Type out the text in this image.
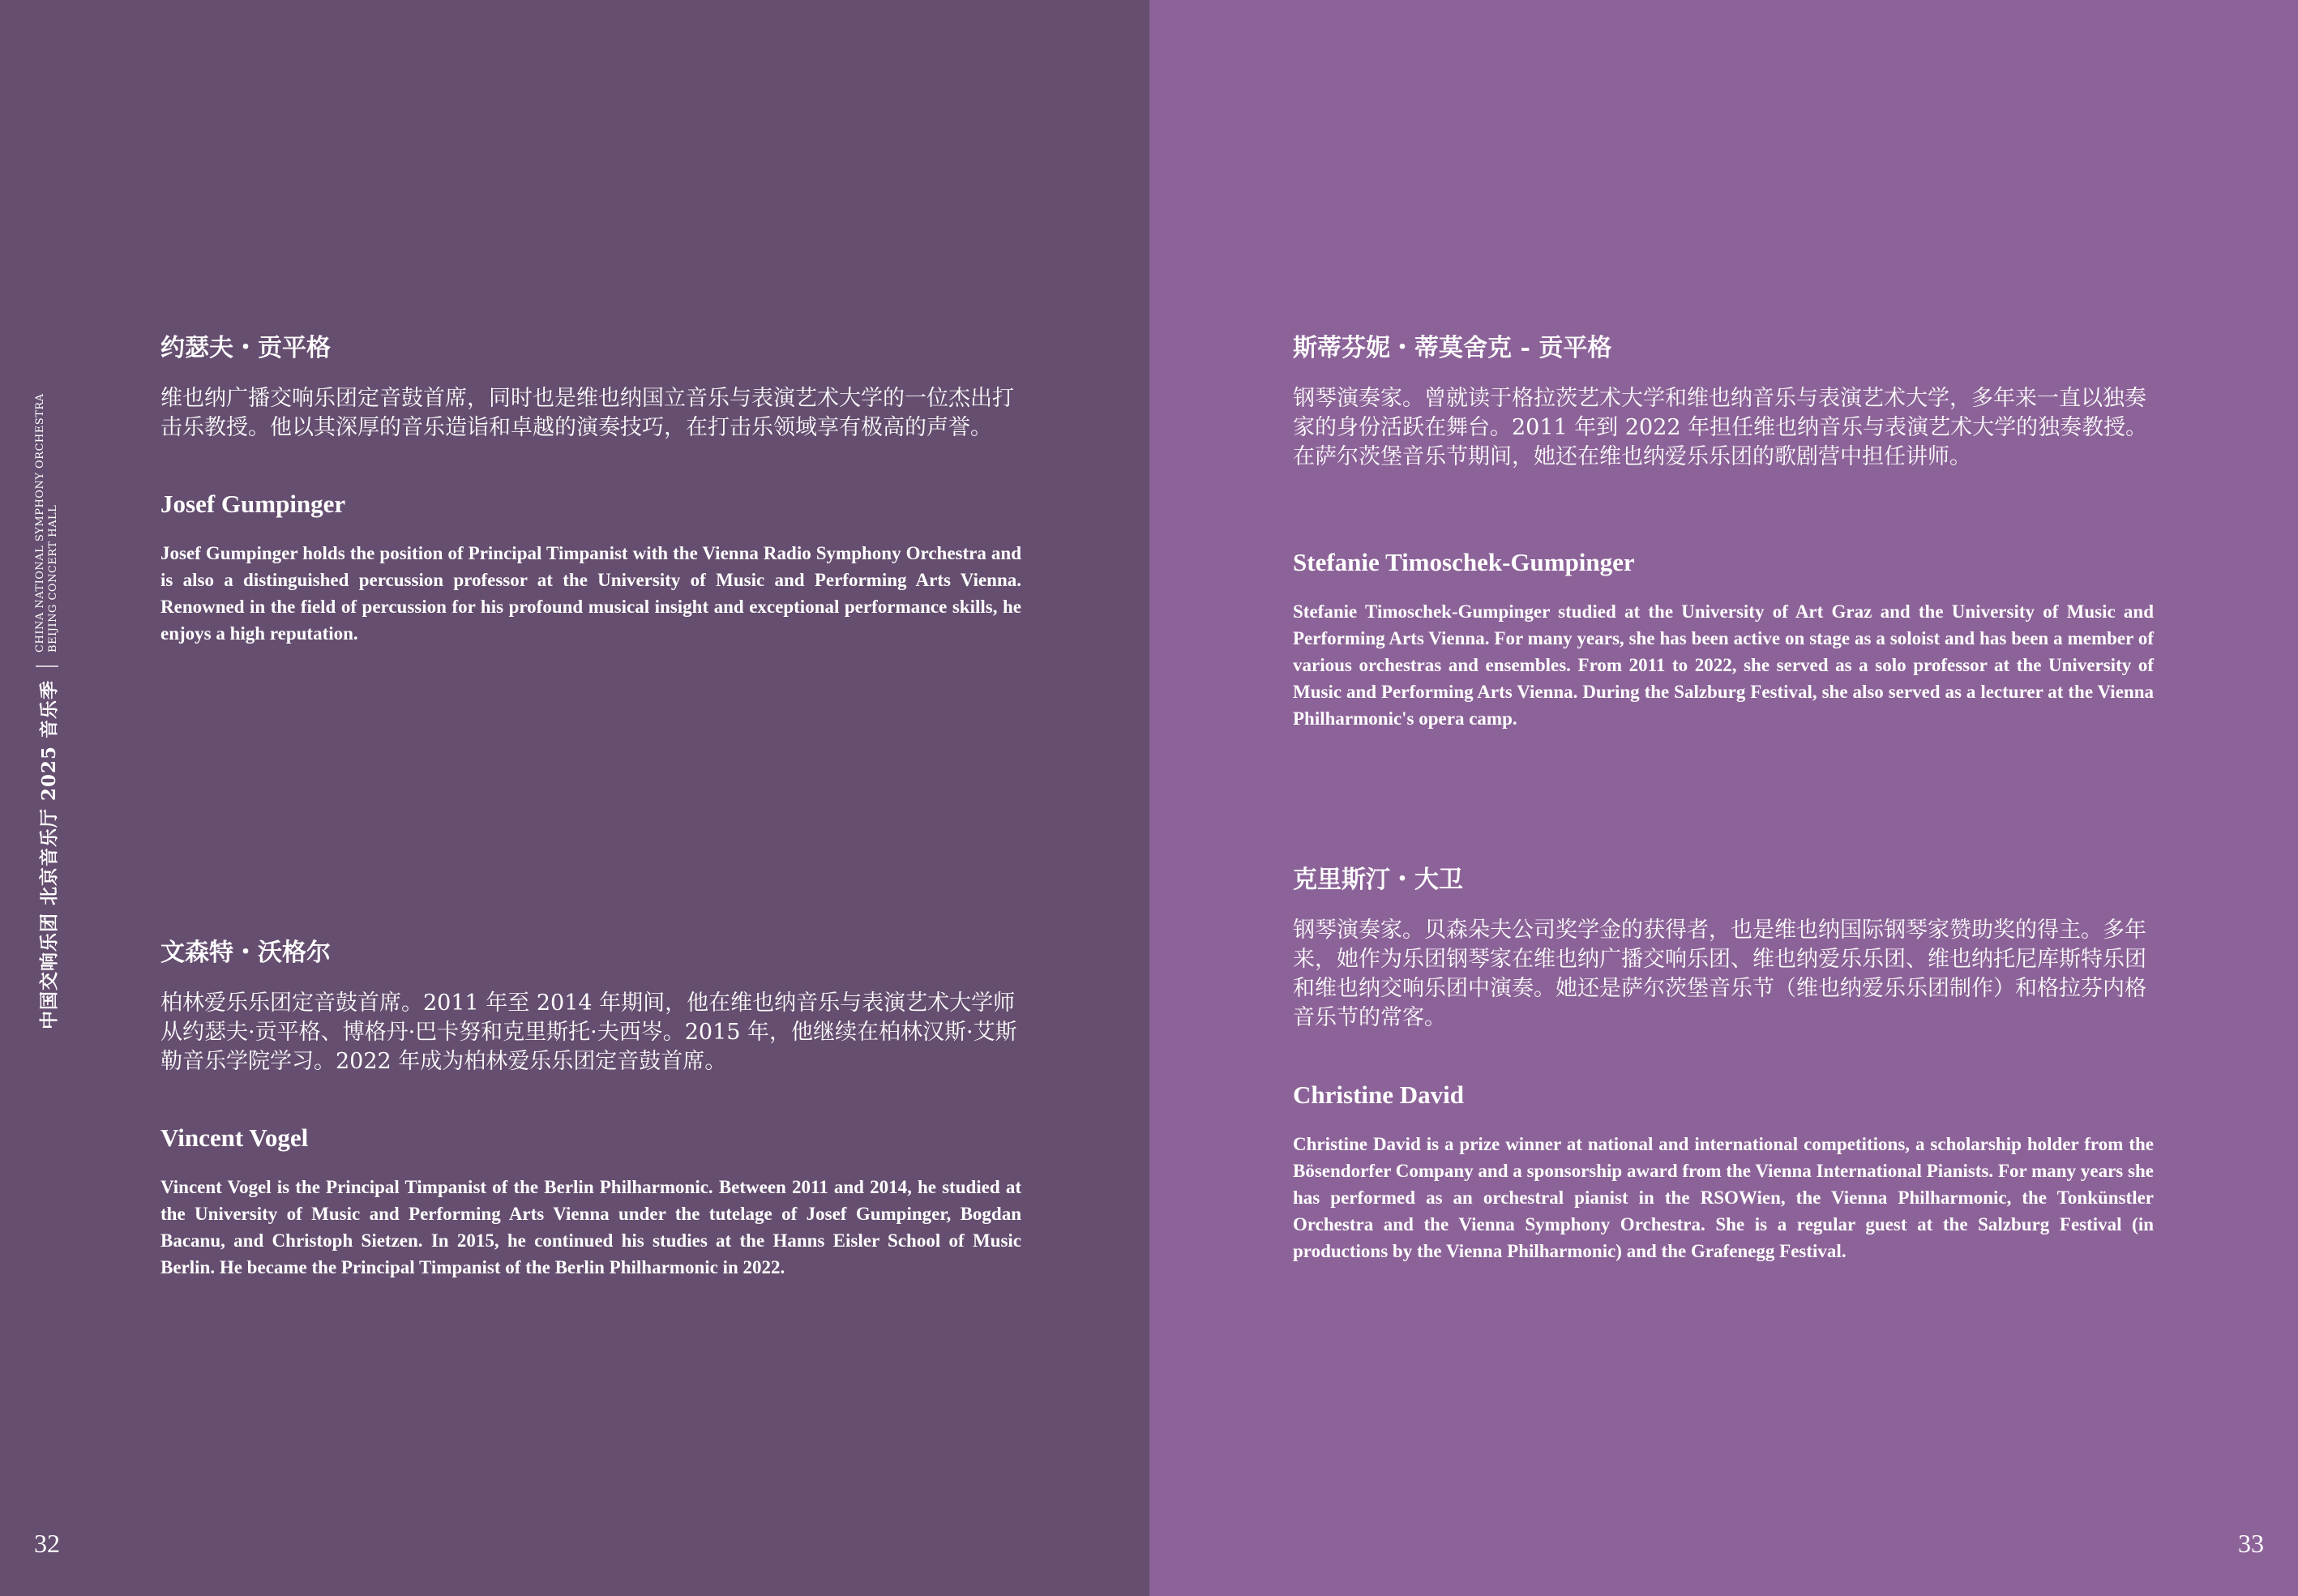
中国交响乐团 北京音乐厅 2025 音乐季
CHINA NATIONAL SYMPHONY ORCHESTRA BEIJING CONCERT HALL

约瑟夫・贡平格

维也纳广播交响乐团定音鼓首席，同时也是维也纳国立音乐与表演艺术大学的一位杰出打击乐教授。他以其深厚的音乐造诣和卓越的演奏技巧，在打击乐领域享有极高的声誉。

Josef Gumpinger

Josef Gumpinger holds the position of Principal Timpanist with the Vienna Radio Symphony Orchestra and is also a distinguished percussion professor at the University of Music and Performing Arts Vienna. Renowned in the field of percussion for his profound musical insight and exceptional performance skills, he enjoys a high reputation.

文森特・沃格尔

柏林爱乐乐团定音鼓首席。2011 年至 2014 年期间，他在维也纳音乐与表演艺术大学师从约瑟夫·贡平格、博格丹·巴卡努和克里斯托·夫西岑。2015 年，他继续在柏林汉斯·艾斯勒音乐学院学习。2022 年成为柏林爱乐乐团定音鼓首席。

Vincent Vogel

Vincent Vogel is the Principal Timpanist of the Berlin Philharmonic. Between 2011 and 2014, he studied at the University of Music and Performing Arts Vienna under the tutelage of Josef Gumpinger, Bogdan Bacanu, and Christoph Sietzen. In 2015, he continued his studies at the Hanns Eisler School of Music Berlin. He became the Principal Timpanist of the Berlin Philharmonic in 2022.

32	33

斯蒂芬妮・蒂莫舍克 - 贡平格

钢琴演奏家。曾就读于格拉茨艺术大学和维也纳音乐与表演艺术大学，多年来一直以独奏家的身份活跃在舞台。2011 年到 2022 年担任维也纳音乐与表演艺术大学的独奏教授。在萨尔茨堡音乐节期间，她还在维也纳爱乐乐团的歌剧营中担任讲师。

Stefanie Timoschek-Gumpinger

Stefanie Timoschek-Gumpinger studied at the University of Art Graz and the University of Music and Performing Arts Vienna. For many years, she has been active on stage as a soloist and has been a member of various orchestras and ensembles. From 2011 to 2022, she served as a solo professor at the University of Music and Performing Arts Vienna. During the Salzburg Festival, she also served as a lecturer at the Vienna Philharmonic's opera camp.

克里斯汀・大卫

钢琴演奏家。贝森朵夫公司奖学金的获得者，也是维也纳国际钢琴家赞助奖的得主。多年来，她作为乐团钢琴家在维也纳广播交响乐团、维也纳爱乐乐团、维也纳托尼库斯特乐团和维也纳交响乐团中演奏。她还是萨尔茨堡音乐节（维也纳爱乐乐团制作）和格拉芬内格音乐节的常客。

Christine David

Christine David is a prize winner at national and international competitions, a scholarship holder from the Bösendorfer Company and a sponsorship award from the Vienna International Pianists. For many years she has performed as an orchestral pianist in the RSOWien, the Vienna Philharmonic, the Tonkünstler Orchestra and the Vienna Symphony Orchestra. She is a regular guest at the Salzburg Festival (in productions by the Vienna Philharmonic) and the Grafenegg Festival.
